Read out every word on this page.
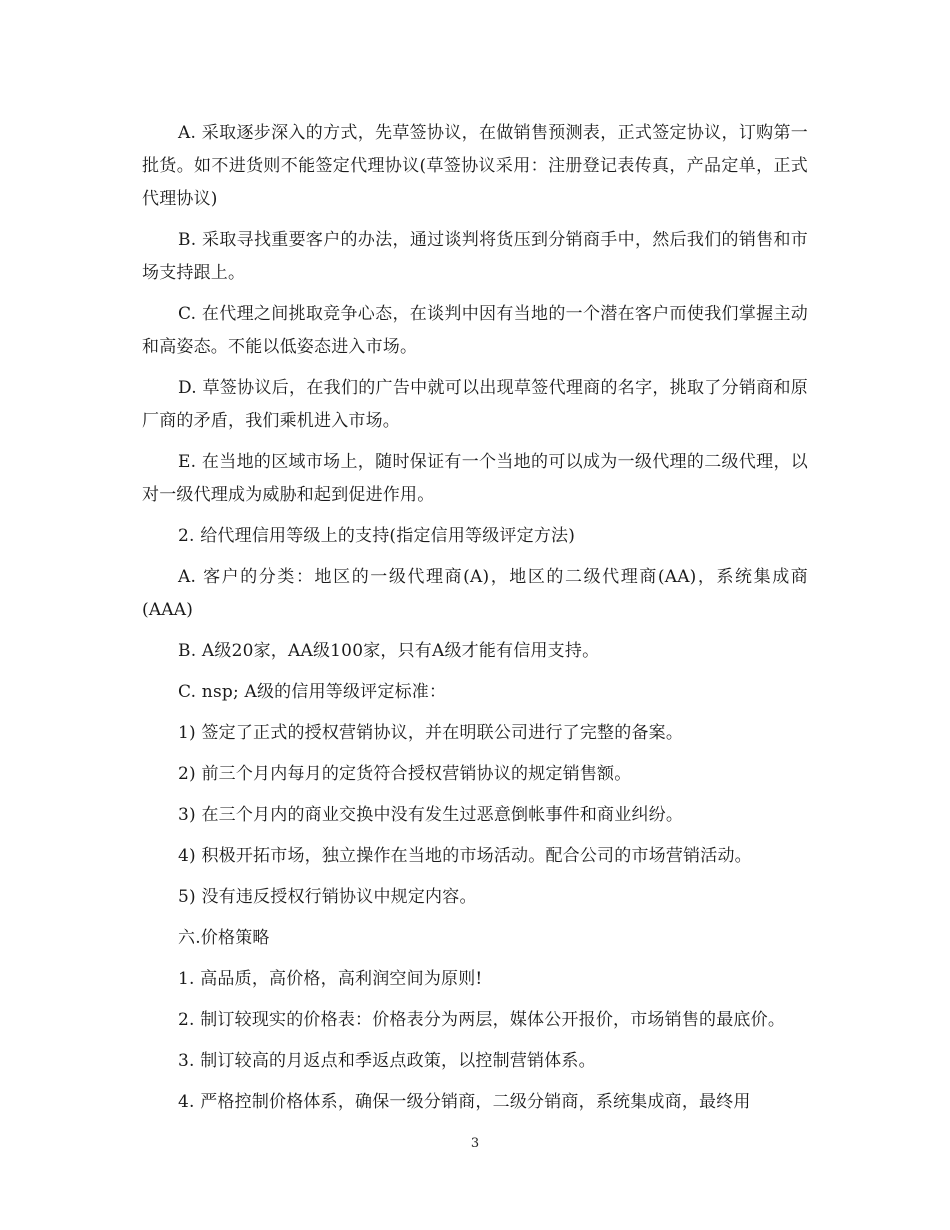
A. 采取逐步深入的方式，先草签协议，在做销售预测表，正式签定协议，订购第一批货。如不进货则不能签定代理协议(草签协议采用：注册登记表传真，产品定单，正式代理协议)

B. 采取寻找重要客户的办法，通过谈判将货压到分销商手中，然后我们的销售和市场支持跟上。

C. 在代理之间挑取竞争心态，在谈判中因有当地的一个潜在客户而使我们掌握主动和高姿态。不能以低姿态进入市场。

D. 草签协议后，在我们的广告中就可以出现草签代理商的名字，挑取了分销商和原厂商的矛盾，我们乘机进入市场。

E. 在当地的区域市场上，随时保证有一个当地的可以成为一级代理的二级代理，以对一级代理成为威胁和起到促进作用。

2. 给代理信用等级上的支持(指定信用等级评定方法)

A. 客户的分类：地区的一级代理商(A)，地区的二级代理商(AA)，系统集成商(AAA)

B. A级20家，AA级100家，只有A级才能有信用支持。

C. nsp; A级的信用等级评定标准：

1) 签定了正式的授权营销协议，并在明联公司进行了完整的备案。

2) 前三个月内每月的定货符合授权营销协议的规定销售额。

3) 在三个月内的商业交换中没有发生过恶意倒帐事件和商业纠纷。

4) 积极开拓市场，独立操作在当地的市场活动。配合公司的市场营销活动。

5) 没有违反授权行销协议中规定内容。

六.价格策略

1. 高品质，高价格，高利润空间为原则!

2. 制订较现实的价格表：价格表分为两层，媒体公开报价，市场销售的最底价。

3. 制订较高的月返点和季返点政策，以控制营销体系。

4. 严格控制价格体系，确保一级分销商，二级分销商，系统集成商，最终用

3
